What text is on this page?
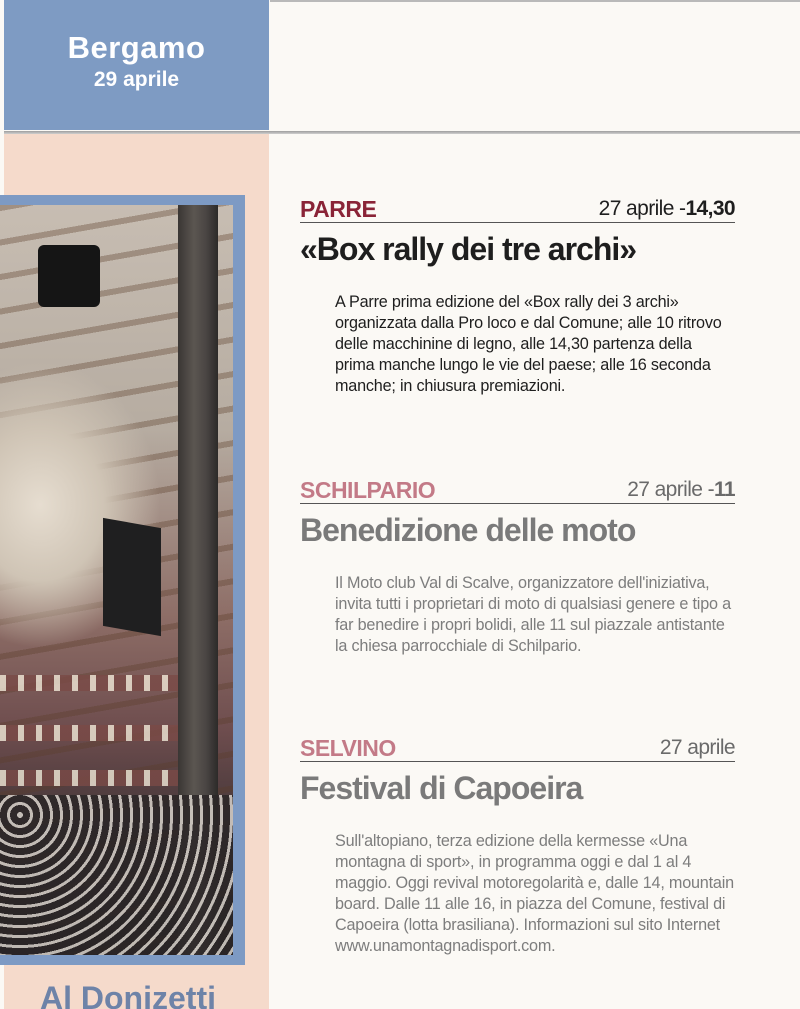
Bergamo
29 aprile
Al Donizetti
PARRE	27 aprile -14,30
«Box rally dei tre archi»
A Parre prima edizione del «Box rally dei 3 archi» organizzata dalla Pro loco e dal Comune; alle 10 ritrovo delle macchinine di legno, alle 14,30 partenza della prima manche lungo le vie del paese; alle 16 seconda manche; in chiusura premiazioni.
SCHILPARIO	27 aprile -11
Benedizione delle moto
Il Moto club Val di Scalve, organizzatore dell'iniziativa, invita tutti i proprietari di moto di qualsiasi genere e tipo a far benedire i propri bolidi, alle 11 sul piazzale antistante la chiesa parrocchiale di Schilpario.
SELVINO	27 aprile
Festival di Capoeira
Sull'altopiano, terza edizione della kermesse «Una montagna di sport», in programma oggi e dal 1 al 4 maggio. Oggi revival motoregolarità e, dalle 14, mountain board. Dalle 11 alle 16, in piazza del Comune, festival di Capoeira (lotta brasiliana). Informazioni sul sito Internet www.unamontagnadisport.com.
